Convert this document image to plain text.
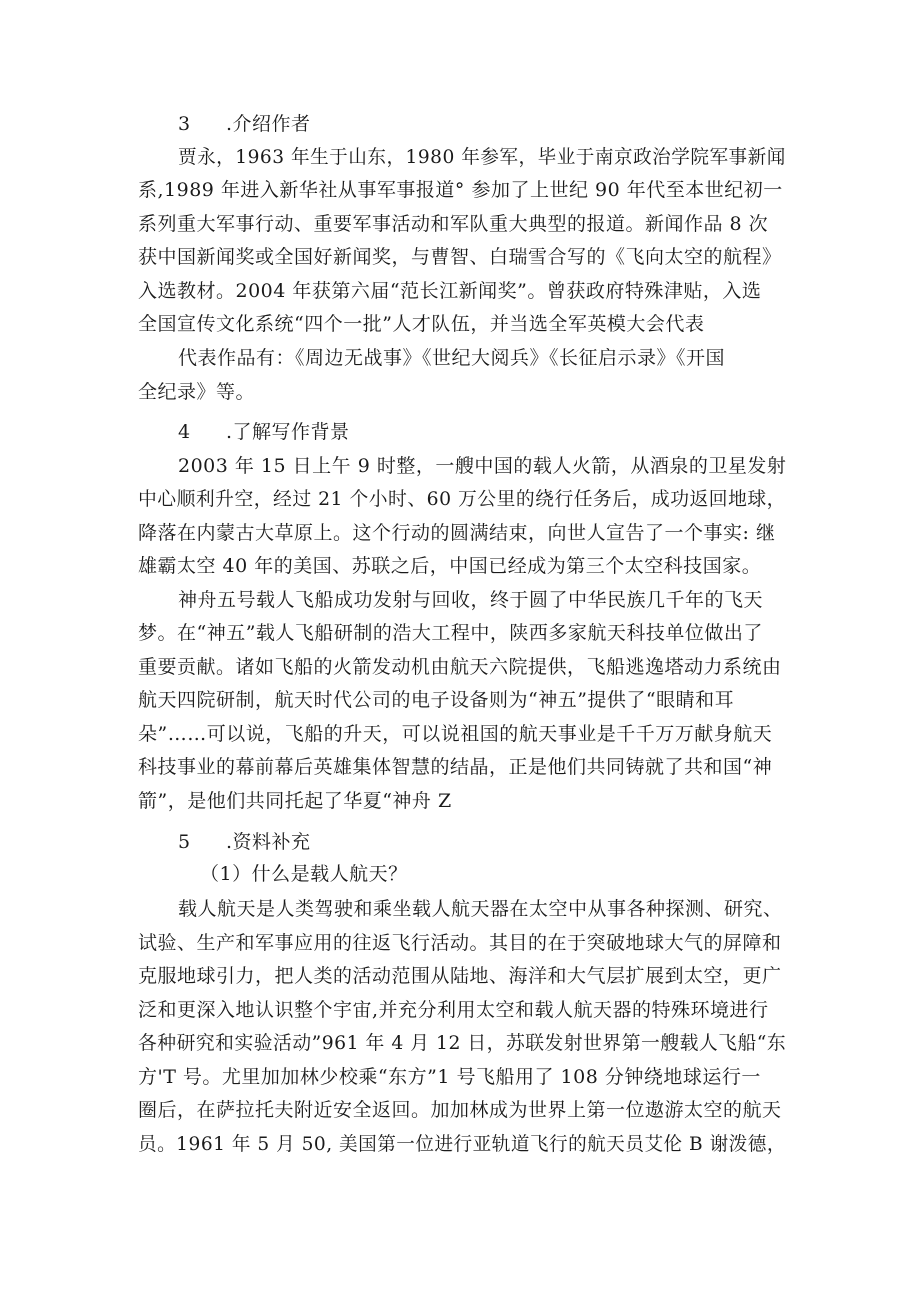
3 .介绍作者
贾永，1963 年生于山东，1980 年参军，毕业于南京政治学院军事新闻
系,1989 年进入新华社从事军事报道° 参加了上世纪 90 年代至本世纪初一
系列重大军事行动、重要军事活动和军队重大典型的报道。新闻作品 8 次
获中国新闻奖或全国好新闻奖，与曹智、白瑞雪合写的《飞向太空的航程》
入选教材。2004 年获第六届“范长江新闻奖”。曾获政府特殊津贴，入选
全国宣传文化系统“四个一批”人才队伍，并当选全军英模大会代表
代表作品有：《周边无战事》《世纪大阅兵》《长征启示录》《开国
全纪录》等。
4 .了解写作背景
2003 年 15 日上午 9 时整，一艘中国的载人火箭，从酒泉的卫星发射
中心顺利升空，经过 21 个小时、60 万公里的绕行任务后，成功返回地球，
降落在内蒙古大草原上。这个行动的圆满结束，向世人宣告了一个事实: 继
雄霸太空 40 年的美国、苏联之后，中国已经成为第三个太空科技国家。
神舟五号载人飞船成功发射与回收，终于圆了中华民族几千年的飞天
梦。在“神五”载人飞船研制的浩大工程中，陕西多家航天科技单位做出了
重要贡献。诸如飞船的火箭发动机由航天六院提供，飞船逃逸塔动力系统由
航天四院研制，航天时代公司的电子设备则为“神五”提供了“眼睛和耳
朵”……可以说，飞船的升天，可以说祖国的航天事业是千千万万献身航天
科技事业的幕前幕后英雄集体智慧的结晶，正是他们共同铸就了共和国“神
箭”，是他们共同托起了华夏“神舟 Z
5 .资料补充
（1）什么是载人航天？
载人航天是人类驾驶和乘坐载人航天器在太空中从事各种探测、研究、
试验、生产和军事应用的往返飞行活动。其目的在于突破地球大气的屏障和
克服地球引力，把人类的活动范围从陆地、海洋和大气层扩展到太空，更广
泛和更深入地认识整个宇宙,并充分利用太空和载人航天器的特殊环境进行
各种研究和实验活动”961 年 4 月 12 日，苏联发射世界第一艘载人飞船“东
方'T 号。尤里加加林少校乘“东方”1 号飞船用了 108 分钟绕地球运行一
圈后，在萨拉托夫附近安全返回。加加林成为世界上第一位遨游太空的航天
员。1961 年 5 月 50, 美国第一位进行亚轨道飞行的航天员艾伦 B 谢泼德，
